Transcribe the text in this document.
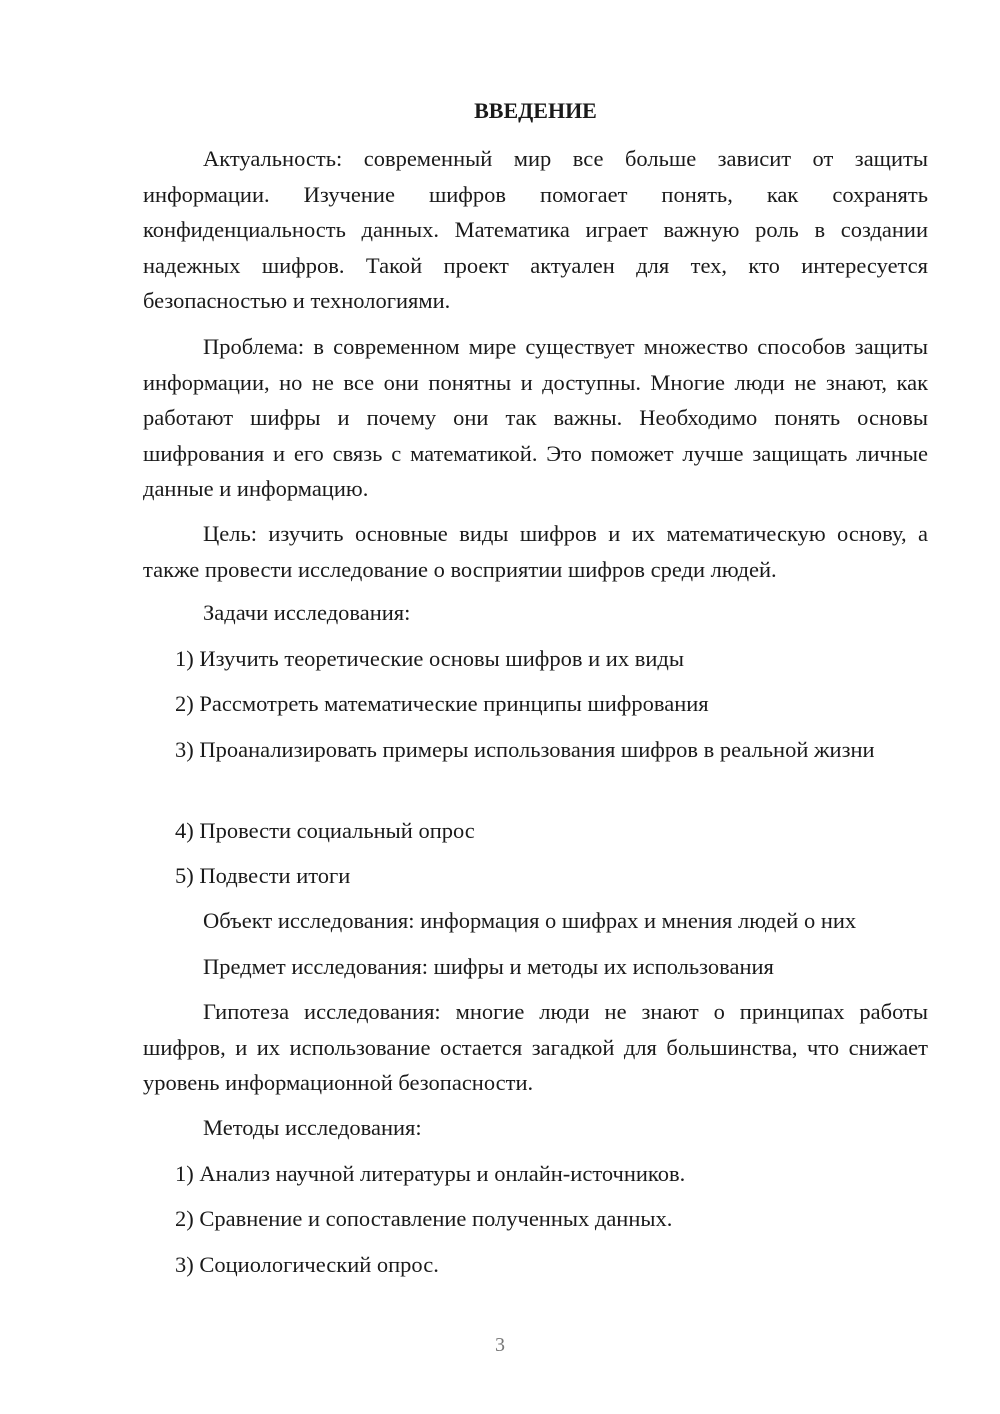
ВВЕДЕНИЕ

Актуальность: современный мир все больше зависит от защиты информации. Изучение шифров помогает понять, как сохранять конфиденциальность данных. Математика играет важную роль в создании надежных шифров. Такой проект актуален для тех, кто интересуется безопасностью и технологиями.

Проблема: в современном мире существует множество способов защиты информации, но не все они понятны и доступны. Многие люди не знают, как работают шифры и почему они так важны. Необходимо понять основы шифрования и его связь с математикой. Это поможет лучше защищать личные данные и информацию.

Цель: изучить основные виды шифров и их математическую основу, а также провести исследование о восприятии шифров среди людей.

Задачи исследования:

1) Изучить теоретические основы шифров и их виды

2) Рассмотреть математические принципы шифрования

3) Проанализировать примеры использования шифров в реальной жизни

4) Провести социальный опрос

5) Подвести итоги

Объект исследования: информация о шифрах и мнения людей о них

Предмет исследования: шифры и методы их использования

Гипотеза исследования: многие люди не знают о принципах работы шифров, и их использование остается загадкой для большинства, что снижает уровень информационной безопасности.

Методы исследования:

1) Анализ научной литературы и онлайн-источников.

2) Сравнение и сопоставление полученных данных.

3) Социологический опрос.

3
